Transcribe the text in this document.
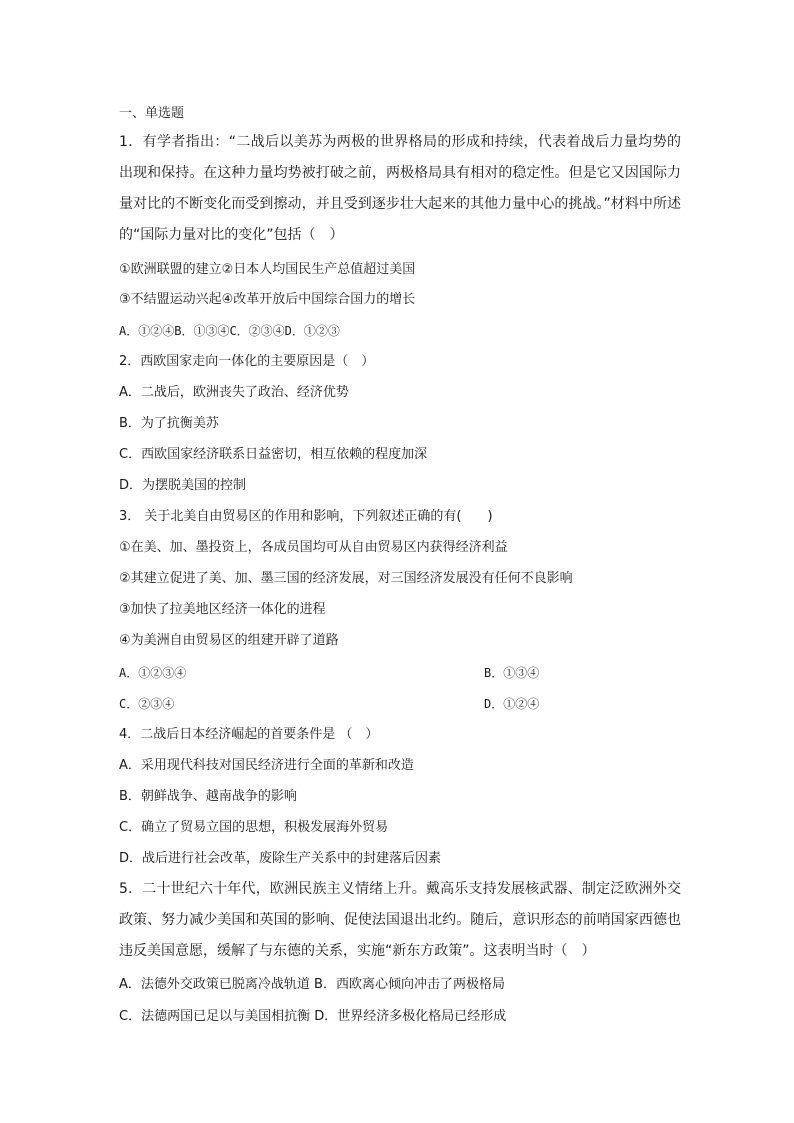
一、单选题
1．有学者指出：“二战后以美苏为两极的世界格局的形成和持续，代表着战后力量均势的出现和保持。在这种力量均势被打破之前，两极格局具有相对的稳定性。但是它又因国际力量对比的不断变化而受到擦动，并且受到逐步壮大起来的其他力量中心的挑战。”材料中所述的“国际力量对比的变化”包括（　）
①欧洲联盟的建立②日本人均国民生产总值超过美国
③不结盟运动兴起④改革开放后中国综合国力的增长
A．①②④B．①③④C．②③④D．①②③
2．西欧国家走向一体化的主要原因是（　）
A．二战后，欧洲丧失了政治、经济优势
B．为了抗衡美苏
C．西欧国家经济联系日益密切，相互依赖的程度加深
D．为摆脱美国的控制
3． 关于北美自由贸易区的作用和影响，下列叙述正确的有(　　)
①在美、加、墨投资上，各成员国均可从自由贸易区内获得经济利益
②其建立促进了美、加、墨三国的经济发展，对三国经济发展没有任何不良影响
③加快了拉美地区经济一体化的进程
④为美洲自由贸易区的组建开辟了道路
A．①②③④	B．①③④
C．②③④	D．①②④
4．二战后日本经济崛起的首要条件是 （　）
A．采用现代科技对国民经济进行全面的革新和改造
B．朝鲜战争、越南战争的影响
C．确立了贸易立国的思想，积极发展海外贸易
D．战后进行社会改革，废除生产关系中的封建落后因素
5．二十世纪六十年代，欧洲民族主义情绪上升。戴高乐支持发展核武器、制定泛欧洲外交政策、努力减少美国和英国的影响、促使法国退出北约。随后，意识形态的前哨国家西德也违反美国意愿，缓解了与东德的关系，实施“新东方政策”。这表明当时（　）
A．法德外交政策已脱离冷战轨道 B．西欧离心倾向冲击了两极格局
C．法德两国已足以与美国相抗衡 D．世界经济多极化格局已经形成
